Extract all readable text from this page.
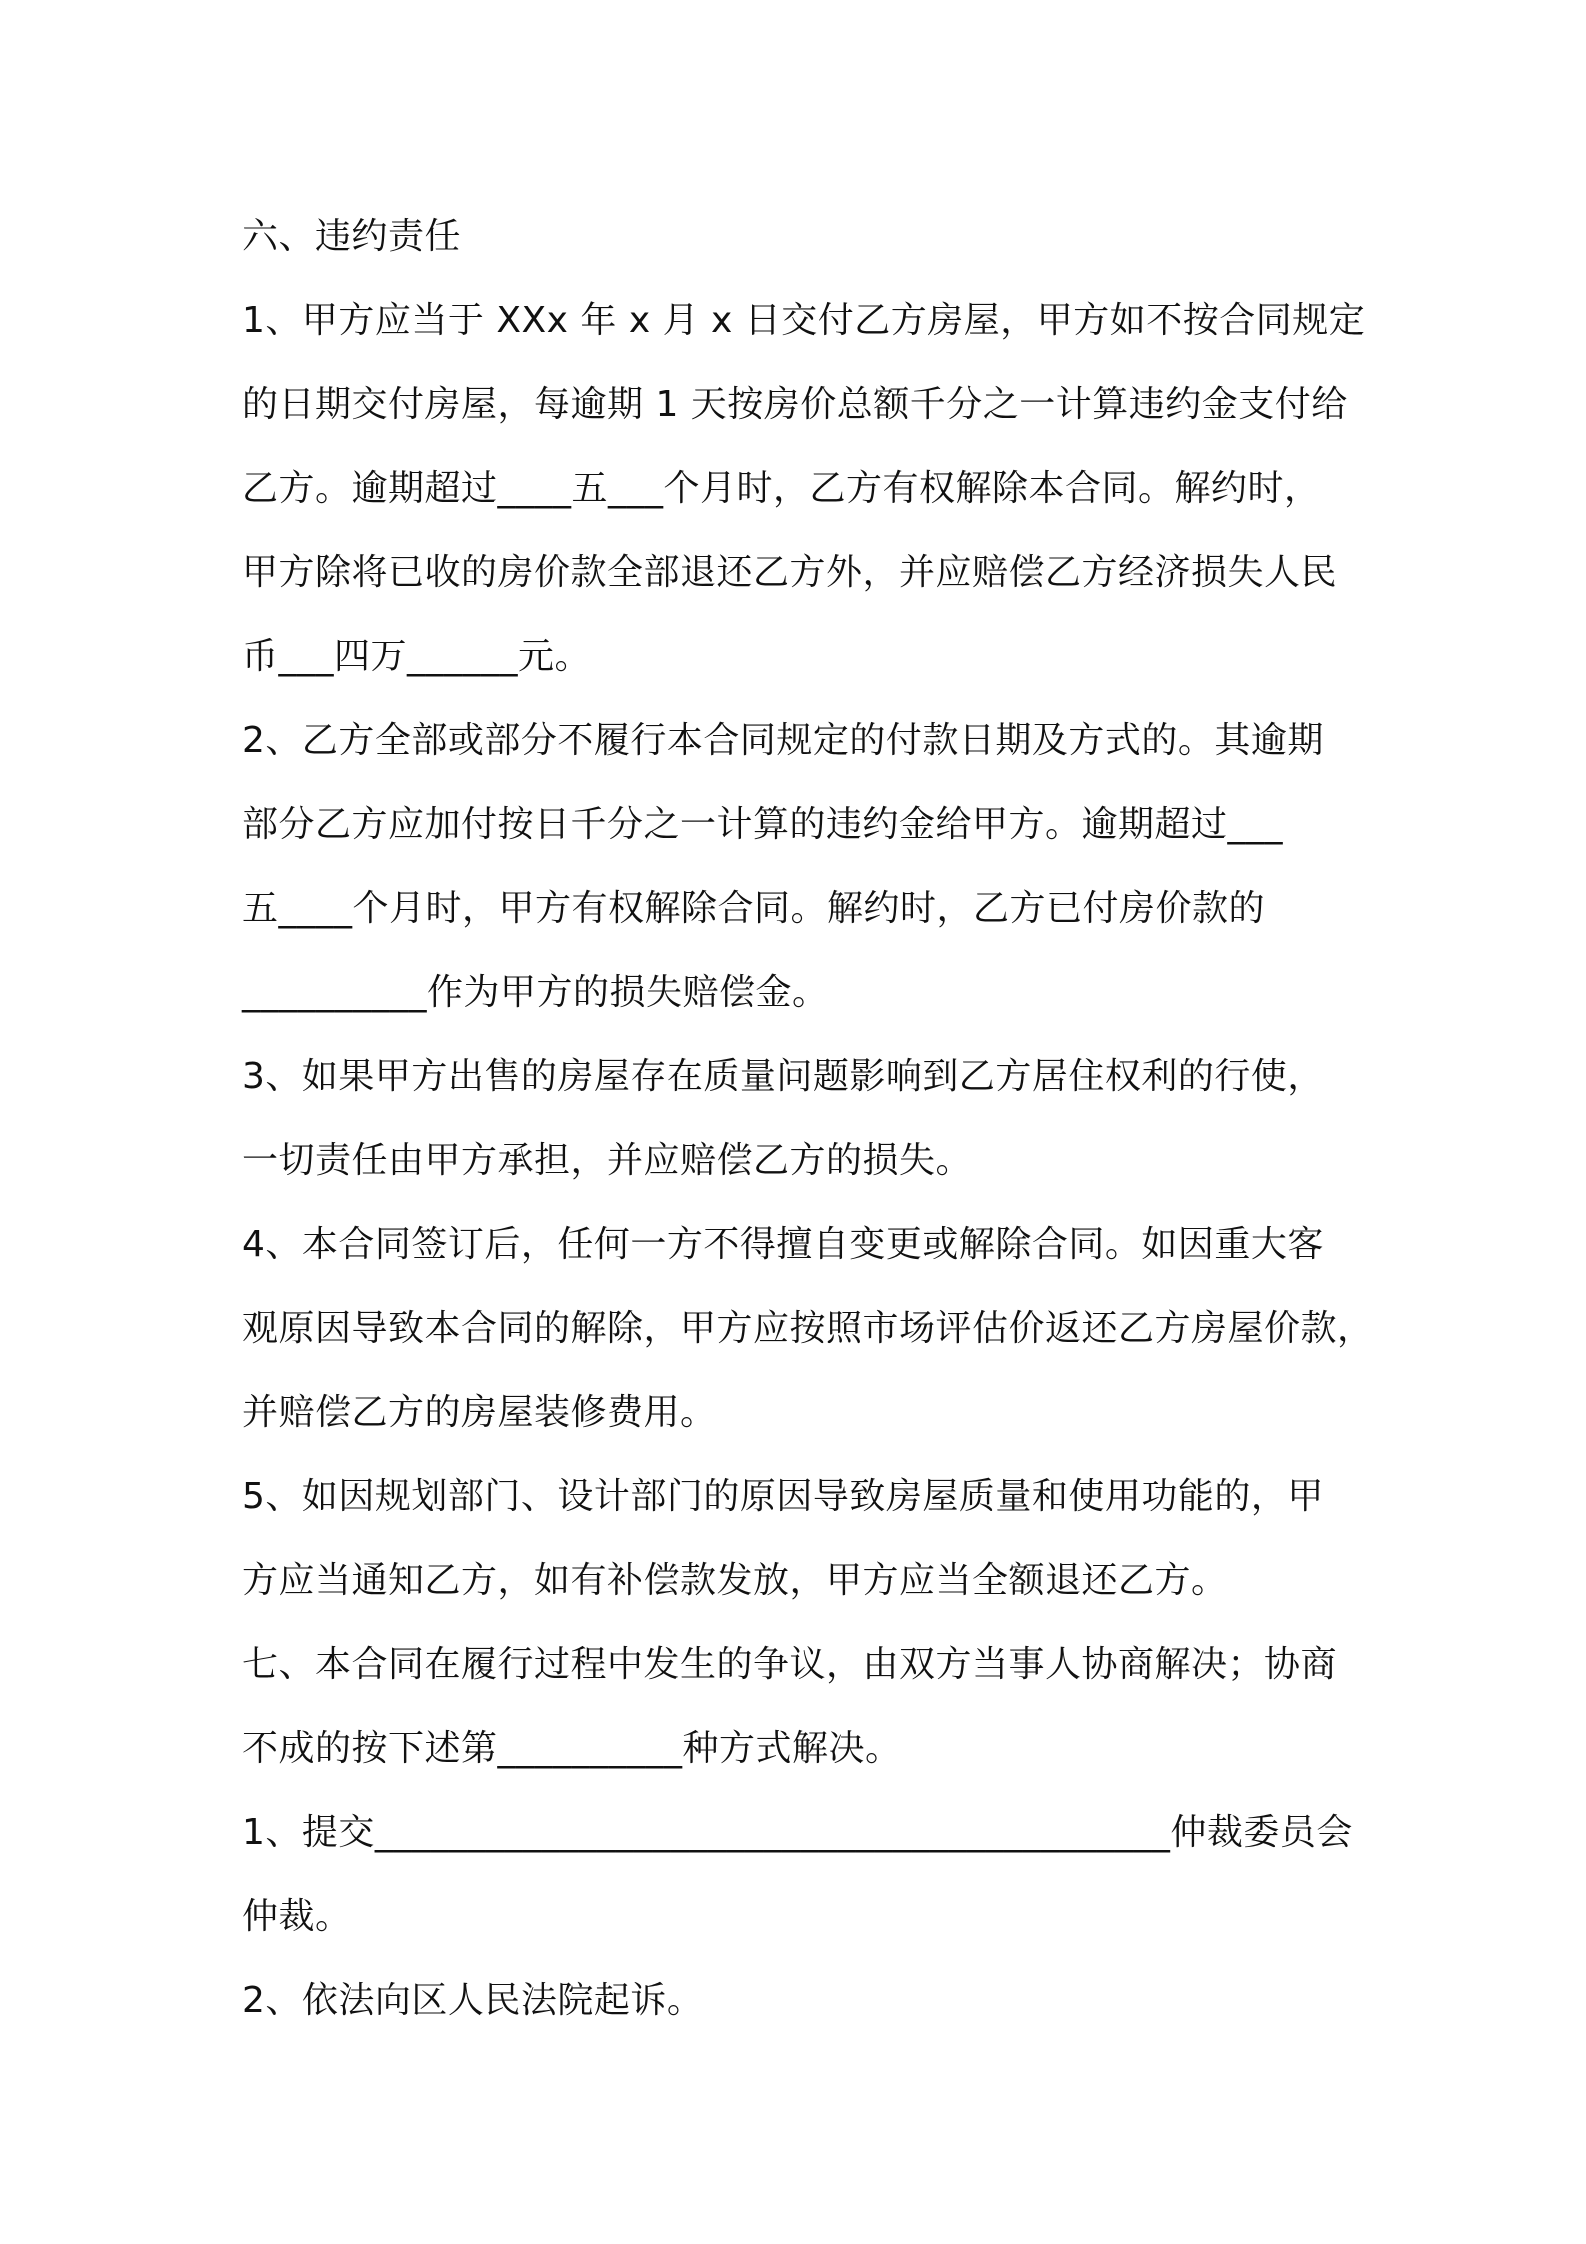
六、违约责任
1、甲方应当于 XXx 年 x 月 x 日交付乙方房屋，甲方如不按合同规定
的日期交付房屋，每逾期 1 天按房价总额千分之一计算违约金支付给
乙方。逾期超过____五___个月时，乙方有权解除本合同。解约时，
甲方除将已收的房价款全部退还乙方外，并应赔偿乙方经济损失人民
币___四万______元。
2、乙方全部或部分不履行本合同规定的付款日期及方式的。其逾期
部分乙方应加付按日千分之一计算的违约金给甲方。逾期超过___
五____个月时，甲方有权解除合同。解约时，乙方已付房价款的
__________作为甲方的损失赔偿金。
3、如果甲方出售的房屋存在质量问题影响到乙方居住权利的行使，
一切责任由甲方承担，并应赔偿乙方的损失。
4、本合同签订后，任何一方不得擅自变更或解除合同。如因重大客
观原因导致本合同的解除，甲方应按照市场评估价返还乙方房屋价款，
并赔偿乙方的房屋装修费用。
5、如因规划部门、设计部门的原因导致房屋质量和使用功能的，甲
方应当通知乙方，如有补偿款发放，甲方应当全额退还乙方。
七、本合同在履行过程中发生的争议，由双方当事人协商解决；协商
不成的按下述第__________种方式解决。
1、提交___________________________________________仲裁委员会
仲裁。
2、依法向区人民法院起诉。
